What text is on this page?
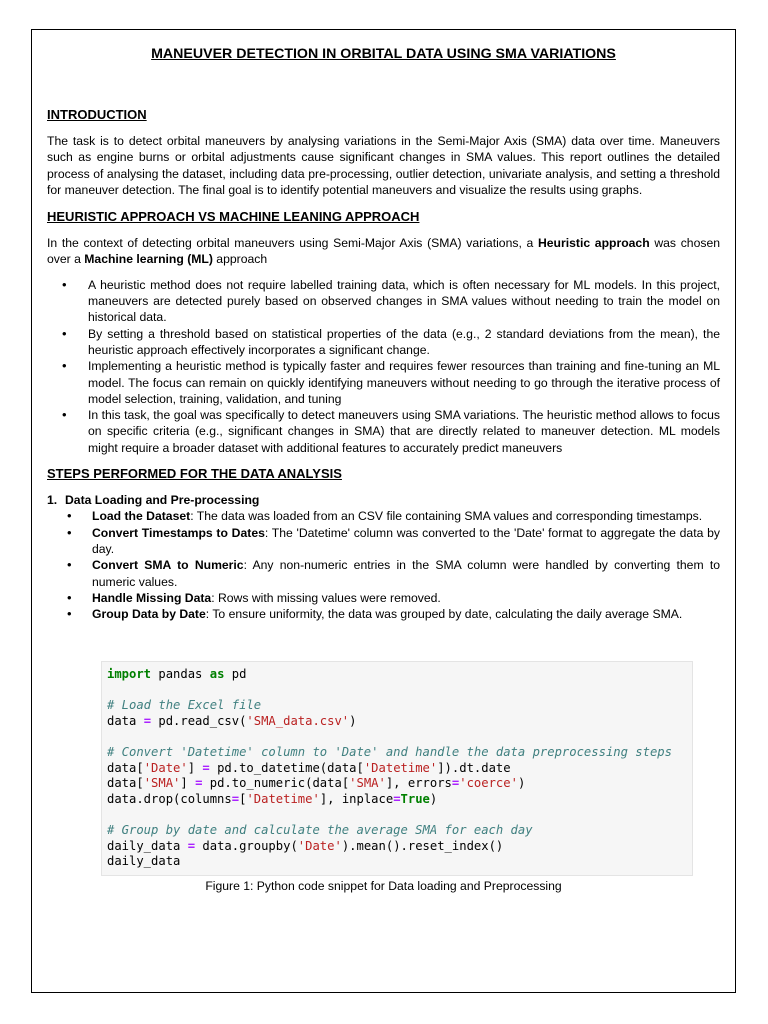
MANEUVER DETECTION IN ORBITAL DATA USING SMA VARIATIONS
INTRODUCTION

The task is to detect orbital maneuvers by analysing variations in the Semi-Major Axis (SMA) data over time. Maneuvers such as engine burns or orbital adjustments cause significant changes in SMA values. This report outlines the detailed process of analysing the dataset, including data pre-processing, outlier detection, univariate analysis, and setting a threshold for maneuver detection. The final goal is to identify potential maneuvers and visualize the results using graphs.

HEURISTIC APPROACH VS MACHINE LEANING APPROACH

In the context of detecting orbital maneuvers using Semi-Major Axis (SMA) variations, a Heuristic approach was chosen over a Machine learning (ML) approach

• A heuristic method does not require labelled training data, which is often necessary for ML models. In this project, maneuvers are detected purely based on observed changes in SMA values without needing to train the model on historical data.
• By setting a threshold based on statistical properties of the data (e.g., 2 standard deviations from the mean), the heuristic approach effectively incorporates a significant change.
• Implementing a heuristic method is typically faster and requires fewer resources than training and fine-tuning an ML model. The focus can remain on quickly identifying maneuvers without needing to go through the iterative process of model selection, training, validation, and tuning
• In this task, the goal was specifically to detect maneuvers using SMA variations. The heuristic method allows to focus on specific criteria (e.g., significant changes in SMA) that are directly related to maneuver detection. ML models might require a broader dataset with additional features to accurately predict maneuvers
STEPS PERFORMED FOR THE DATA ANALYSIS
1. Data Loading and Pre-processing
• Load the Dataset: The data was loaded from an CSV file containing SMA values and corresponding timestamps.
• Convert Timestamps to Dates: The 'Datetime' column was converted to the 'Date' format to aggregate the data by day.
• Convert SMA to Numeric: Any non-numeric entries in the SMA column were handled by converting them to numeric values.
• Handle Missing Data: Rows with missing values were removed.
• Group Data by Date: To ensure uniformity, the data was grouped by date, calculating the daily average SMA.
import pandas as pd
# Load the Excel file
data = pd.read_csv('SMA_data.csv')
# Convert 'Datetime' column to 'Date' and handle the data preprocessing steps
data['Date'] = pd.to_datetime(data['Datetime']).dt.date
data['SMA'] = pd.to_numeric(data['SMA'], errors='coerce')
data.drop(columns=['Datetime'], inplace=True)
# Group by date and calculate the average SMA for each day
daily_data = data.groupby('Date').mean().reset_index()
daily_data
Figure 1: Python code snippet for Data loading and Preprocessing
